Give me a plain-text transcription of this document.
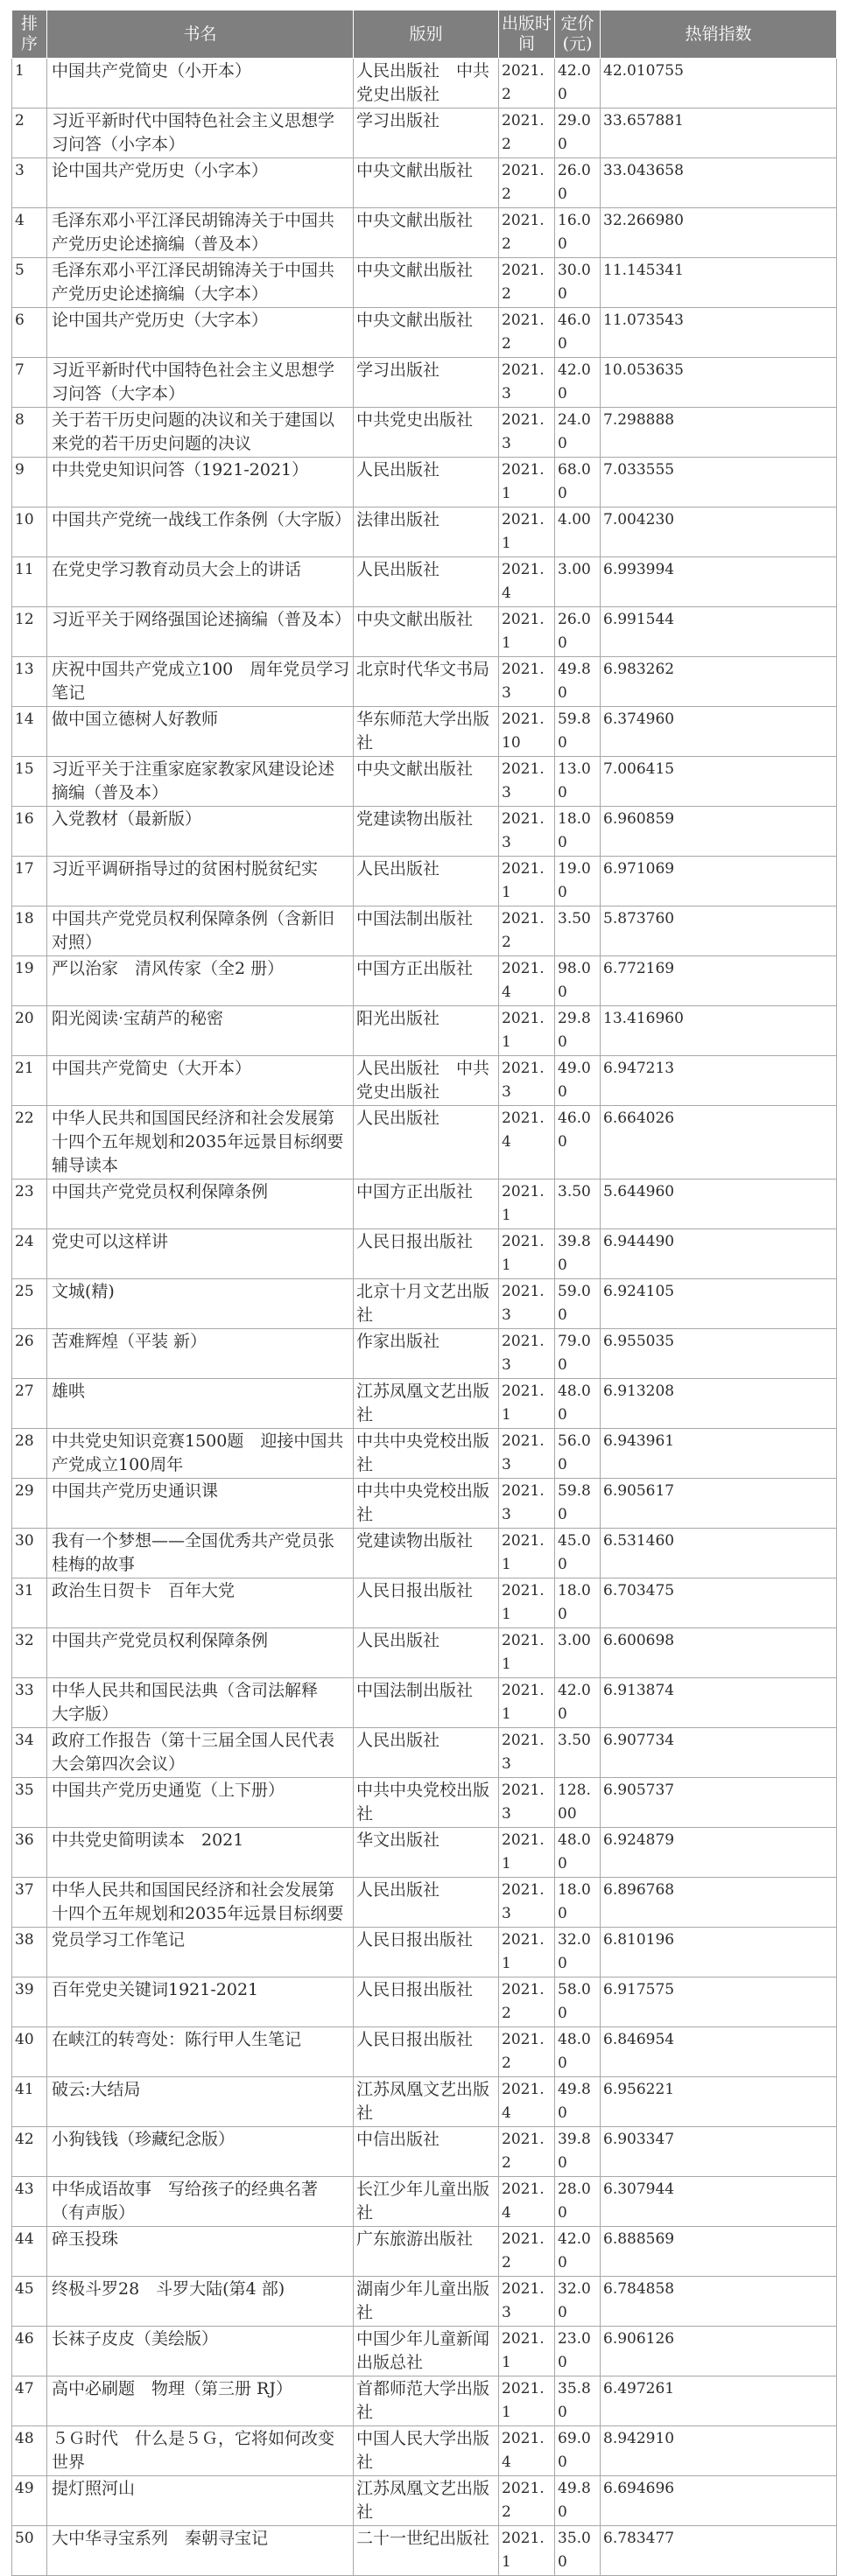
排序	书名	版别	出版时间	定价(元)	热销指数
1	中国共产党简史（小开本）	人民出版社　中共党史出版社	2021.2	42.00	42.010755
2	习近平新时代中国特色社会主义思想学习问答（小字本）	学习出版社	2021.2	29.00	33.657881
3	论中国共产党历史（小字本）	中央文献出版社	2021.2	26.00	33.043658
4	毛泽东邓小平江泽民胡锦涛关于中国共产党历史论述摘编（普及本）	中央文献出版社	2021.2	16.00	32.266980
5	毛泽东邓小平江泽民胡锦涛关于中国共产党历史论述摘编（大字本）	中央文献出版社	2021.2	30.00	11.145341
6	论中国共产党历史（大字本）	中央文献出版社	2021.2	46.00	11.073543
7	习近平新时代中国特色社会主义思想学习问答（大字本）	学习出版社	2021.3	42.00	10.053635
8	关于若干历史问题的决议和关于建国以来党的若干历史问题的决议	中共党史出版社	2021.3	24.00	7.298888
9	中共党史知识问答（1921-2021）	人民出版社	2021.1	68.00	7.033555
10	中国共产党统一战线工作条例（大字版）	法律出版社	2021.1	4.00	7.004230
11	在党史学习教育动员大会上的讲话	人民出版社	2021.4	3.00	6.993994
12	习近平关于网络强国论述摘编（普及本）	中央文献出版社	2021.1	26.00	6.991544
13	庆祝中国共产党成立100　周年党员学习笔记	北京时代华文书局	2021.3	49.80	6.983262
14	做中国立德树人好教师	华东师范大学出版社	2021.10	59.80	6.374960
15	习近平关于注重家庭家教家风建设论述摘编（普及本）	中央文献出版社	2021.3	13.00	7.006415
16	入党教材（最新版）	党建读物出版社	2021.3	18.00	6.960859
17	习近平调研指导过的贫困村脱贫纪实	人民出版社	2021.1	19.00	6.971069
18	中国共产党党员权利保障条例（含新旧对照）	中国法制出版社	2021.2	3.50	5.873760
19	严以治家　清风传家（全2 册）	中国方正出版社	2021.4	98.00	6.772169
20	阳光阅读·宝葫芦的秘密	阳光出版社	2021.1	29.80	13.416960
21	中国共产党简史（大开本）	人民出版社　中共党史出版社	2021.3	49.00	6.947213
22	中华人民共和国国民经济和社会发展第十四个五年规划和2035年远景目标纲要辅导读本	人民出版社	2021.4	46.00	6.664026
23	中国共产党党员权利保障条例	中国方正出版社	2021.1	3.50	5.644960
24	党史可以这样讲	人民日报出版社	2021.1	39.80	6.944490
25	文城(精)	北京十月文艺出版社	2021.3	59.00	6.924105
26	苦难辉煌（平装 新）	作家出版社	2021.3	79.00	6.955035
27	雄哄	江苏凤凰文艺出版社	2021.1	48.00	6.913208
28	中共党史知识竞赛1500题　迎接中国共产党成立100周年	中共中央党校出版社	2021.3	56.00	6.943961
29	中国共产党历史通识课	中共中央党校出版社	2021.3	59.80	6.905617
30	我有一个梦想——全国优秀共产党员张桂梅的故事	党建读物出版社	2021.1	45.00	6.531460
31	政治生日贺卡　百年大党	人民日报出版社	2021.1	18.00	6.703475
32	中国共产党党员权利保障条例	人民出版社	2021.1	3.00	6.600698
33	中华人民共和国民法典（含司法解释　大字版）	中国法制出版社	2021.1	42.00	6.913874
34	政府工作报告（第十三届全国人民代表大会第四次会议）	人民出版社	2021.3	3.50	6.907734
35	中国共产党历史通览（上下册）	中共中央党校出版社	2021.3	128.00	6.905737
36	中共党史简明读本　2021	华文出版社	2021.1	48.00	6.924879
37	中华人民共和国国民经济和社会发展第十四个五年规划和2035年远景目标纲要	人民出版社	2021.3	18.00	6.896768
38	党员学习工作笔记	人民日报出版社	2021.1	32.00	6.810196
39	百年党史关键词1921-2021	人民日报出版社	2021.2	58.00	6.917575
40	在峡江的转弯处：陈行甲人生笔记	人民日报出版社	2021.2	48.00	6.846954
41	破云:大结局	江苏凤凰文艺出版社	2021.4	49.80	6.956221
42	小狗钱钱（珍藏纪念版）	中信出版社	2021.2	39.80	6.903347
43	中华成语故事　写给孩子的经典名著（有声版）	长江少年儿童出版社	2021.4	28.00	6.307944
44	碎玉投珠	广东旅游出版社	2021.2	42.00	6.888569
45	终极斗罗28　斗罗大陆(第4 部)	湖南少年儿童出版社	2021.3	32.00	6.784858
46	长袜子皮皮（美绘版）	中国少年儿童新闻出版总社	2021.1	23.00	6.906126
47	高中必刷题　物理（第三册 RJ）	首都师范大学出版社	2021.1	35.80	6.497261
48	５Ｇ时代　什么是５Ｇ，它将如何改变世界	中国人民大学出版社	2021.4	69.00	8.942910
49	提灯照河山	江苏凤凰文艺出版社	2021.2	49.80	6.694696
50	大中华寻宝系列　秦朝寻宝记	二十一世纪出版社	2021.1	35.00	6.783477
